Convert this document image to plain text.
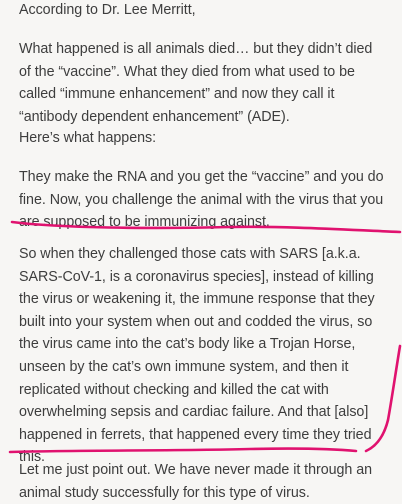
According to Dr. Lee Merritt,

What happened is all animals died… but they didn’t died
of the “vaccine”. What they died from what used to be
called “immune enhancement” and now they call it
“antibody dependent enhancement” (ADE).

Here’s what happens:

They make the RNA and you get the “vaccine” and you do
fine. Now, you challenge the animal with the virus that you
are supposed to be immunizing against.

So when they challenged those cats with SARS [a.k.a.
SARS-CoV-1, is a coronavirus species], instead of killing
the virus or weakening it, the immune response that they
built into your system when out and codded the virus, so
the virus came into the cat’s body like a Trojan Horse,
unseen by the cat’s own immune system, and then it
replicated without checking and killed the cat with
overwhelming sepsis and cardiac failure. And that [also]
happened in ferrets, that happened every time they tried
this.

Let me just point out. We have never made it through an
animal study successfully for this type of virus.
